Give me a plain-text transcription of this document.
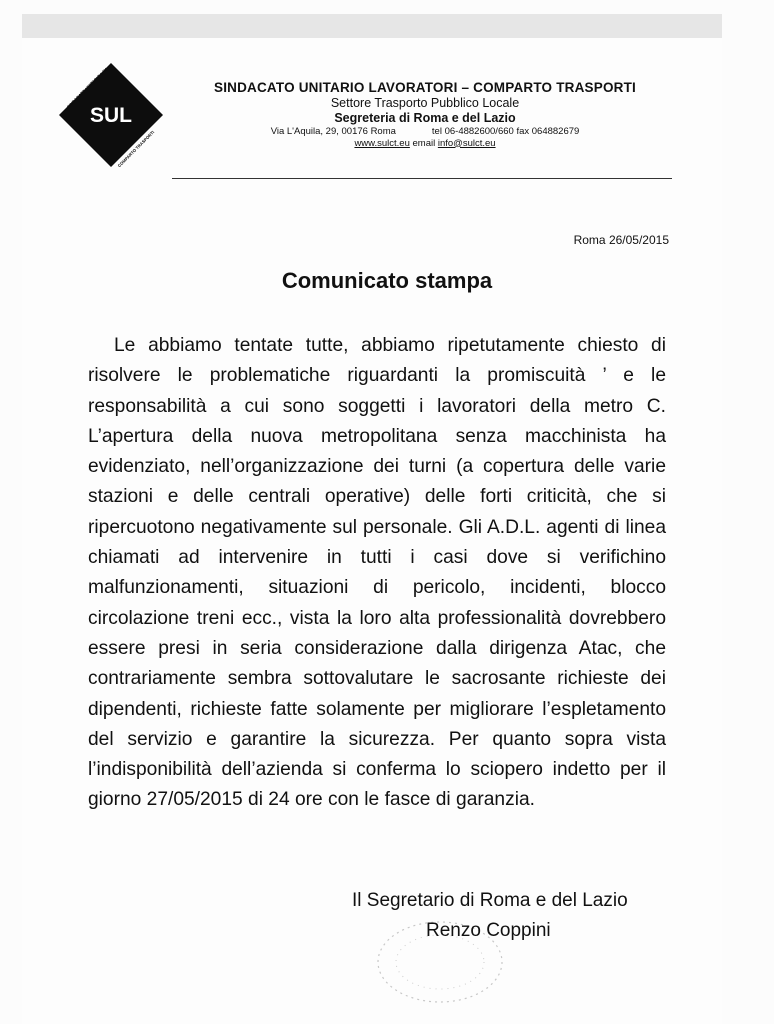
SUL
SINDACATO UNITARIO LAV
COMPARTO TRASPORTI
SINDACATO UNITARIO LAVORATORI – COMPARTO TRASPORTI
Settore Trasporto Pubblico Locale
Segreteria di Roma e del Lazio
Via L'Aquila, 29, 00176 Roma	tel 06-4882600/660 fax 064882679
www.sulct.eu email info@sulct.eu
Roma 26/05/2015
Comunicato stampa
Le abbiamo tentate tutte, abbiamo ripetutamente chiesto di risolvere le problematiche riguardanti la promiscuità ’ e le responsabilità a cui sono soggetti i lavoratori della metro C. L’apertura della nuova metropolitana senza macchinista ha evidenziato, nell’organizzazione dei turni (a copertura delle varie stazioni e delle centrali operative) delle forti criticità, che si ripercuotono negativamente sul personale. Gli A.D.L. agenti di linea chiamati ad intervenire in tutti i casi dove si verifichino malfunzionamenti, situazioni di pericolo, incidenti, blocco circolazione treni ecc., vista la loro alta professionalità dovrebbero essere presi in seria considerazione dalla dirigenza Atac, che contrariamente sembra sottovalutare le sacrosante richieste dei dipendenti, richieste fatte solamente per migliorare l’espletamento del servizio e garantire la sicurezza. Per quanto sopra vista l’indisponibilità dell’azienda si conferma lo sciopero indetto per il giorno 27/05/2015 di 24 ore con le fasce di garanzia.
Il Segretario di Roma e del Lazio
Renzo Coppini
